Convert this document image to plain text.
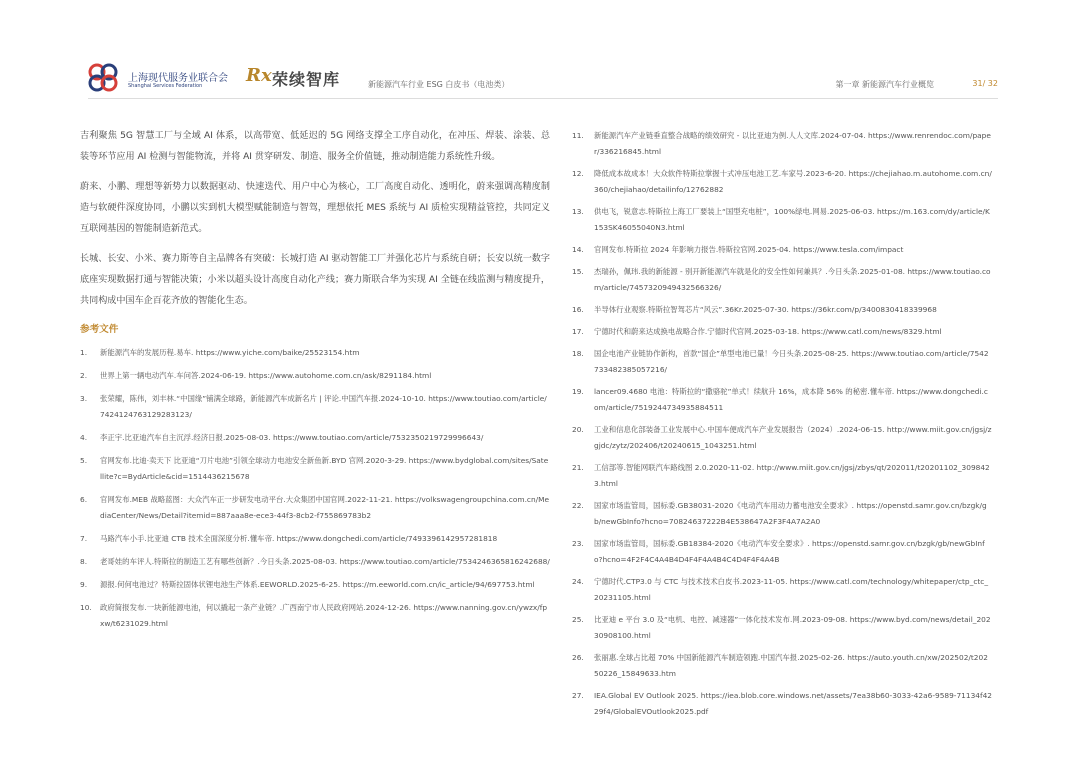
上海现代服务业联合会
Shanghai Services Federation Rx 荣续智库	新能源汽车行业 ESG 白皮书（电池类）	第一章 新能源汽车行业概览	31/ 32

吉利聚焦 5G 智慧工厂与全域 AI 体系，以高带宽、低延迟的 5G 网络支撑全工序自动化，在冲压、焊装、涂装、总装等环节应用 AI 检测与智能物流，并将 AI 贯穿研发、制造、服务全价值链，推动制造能力系统性升级。

蔚来、小鹏、理想等新势力以数据驱动、快速迭代、用户中心为核心，工厂高度自动化、透明化，蔚来强调高精度制造与软硬件深度协同，小鹏以实到机大模型赋能制造与智驾，理想依托 MES 系统与 AI 质检实现精益管控，共同定义互联网基因的智能制造新范式。

长城、长安、小米、赛力斯等自主品牌各有突破：长城打造 AI 驱动智能工厂并强化芯片与系统自研；长安以统一数字底座实现数据打通与智能决策；小米以超头设计高度自动化产线；赛力斯联合华为实现 AI 全链在线监测与精度提升，共同构成中国车企百花齐放的智能化生态。

参考文件
1. 新能源汽车的发展历程.易车. https://www.yiche.com/baike/25523154.htm
2. 世界上第一辆电动汽车.车问答.2024-06-19. https://www.autohome.com.cn/ask/8291184.html
3. 张荣耀，陈伟，刘丰林.“中国缘”铺满全球路，新能源汽车成新名片 | 评论.中国汽车报.2024-10-10. https://www.toutiao.com/article/7424124763129283123/
4. 李正宇.比亚迪汽车自主沉浮.经济日报.2025-08-03. https://www.toutiao.com/article/7532350219729996643/
5. 官网发布.比迪·卖天下 比亚迪“刀片电池”引领全球动力电池安全新鱼新.BYD 官网.2020-3-29. https://www.bydglobal.com/sites/Satellite?c=BydArticle&cid=1514436215678
6. 官网发布.MEB 战略蓝图：大众汽车正一步研发电动平台.大众集团中国官网.2022-11-21. https://volkswagengroupchina.com.cn/MediaCenter/News/Detail?itemid=887aaa8e-ece3-44f3-8cb2-f755869783b2
7. 马路汽车小手.比亚迪 CTB 技术全面深度分析.懂车帝. https://www.dongchedi.com/article/7493396142957281818
8. 老哥娃的车评人.特斯拉的制造工艺有哪些创新？.今日头条.2025-08-03. https://www.toutiao.com/article/7534246365816242688/
9. 源报.何何电池过？特斯拉固体状锂电池生产体系.EEWORLD.2025-6-25. https://m.eeworld.com.cn/ic_article/94/697753.html
10. 政府简报发布.一块新能源电池，何以撬起一条产业链？.广西南宁市人民政府网站.2024-12-26. https://www.nanning.gov.cn/ywzx/fpxw/t6231029.html
11. 新能源汽车产业链垂直整合战略的绩效研究 - 以比亚迪为例.人人文库.2024-07-04. https://www.renrendoc.com/paper/336216845.html
12. 降低成本故成本！大众软件特斯拉掌握十式冲压电池工艺.车家号.2023-6-20. https://chejiahao.m.autohome.com.cn/360/chejiahao/detailinfo/12762882
13. 供电飞，锐意志.特斯拉上海工厂要装上“国型充电桩”，100%绿电.网易.2025-06-03. https://m.163.com/dy/article/K153SK46055040N3.html
14. 官网发布.特斯拉 2024 年影响力报告.特斯拉官网.2025-04. https://www.tesla.com/impact
15. 杰瑞孙，佩玮.我的新能源 - 别开新能源汽车就是化的安全性如何兼具？.今日头条.2025-01-08. https://www.toutiao.com/article/7457320949432566326/
16. 半导体行业观察.特斯拉智驾芯片“风云”.36Kr.2025-07-30. https://36kr.com/p/3400830418339968
17. 宁德时代和蔚来达成换电战略合作.宁德时代官网.2025-03-18. https://www.catl.com/news/8329.html
18. 国企电池产业链协作新构，首款“国企”单型电池已量！今日头条.2025-08-25. https://www.toutiao.com/article/7542733482385057216/
19. lancer09.4680 电池：特斯拉的“撒骆驼”单式！续航升 16%，成本降 56% 的秘密.懂车帝. https://www.dongchedi.com/article/7519244734935884511
20. 工业和信息化部装备工业发展中心.中国车便成汽车产业发展报告（2024）.2024-06-15. http://www.miit.gov.cn/jgsj/zgjdc/zytz/202406/t20240615_1043251.html
21. 工信部等.智能网联汽车路线图 2.0.2020-11-02. http://www.miit.gov.cn/jgsj/zbys/qt/202011/t20201102_3098423.html
22. 国家市场监管局，国标委.GB38031-2020《电动汽车用动力蓄电池安全要求》. https://openstd.samr.gov.cn/bzgk/gb/newGbInfo?hcno=70824637222B4E538647A2F3F4A7A2A0
23. 国家市场监管局，国标委.GB18384-2020《电动汽车安全要求》. https://openstd.samr.gov.cn/bzgk/gb/newGbInfo?hcno=4F2F4C4A4B4D4F4F4A4B4C4D4F4F4A4B
24. 宁德时代.CTP3.0 与 CTC 与技术技术白皮书.2023-11-05. https://www.catl.com/technology/whitepaper/ctp_ctc_20231105.html
25. 比亚迪 e 平台 3.0 及“电机、电控、减速器”一体化技术发布.网.2023-09-08. https://www.byd.com/news/detail_20230908100.html
26. 张丽惠.全球占比超 70% 中国新能源汽车制造领跑.中国汽车报.2025-02-26. https://auto.youth.cn/xw/202502/t20250226_15849633.htm
27. IEA.Global EV Outlook 2025. https://iea.blob.core.windows.net/assets/7ea38b60-3033-42a6-9589-71134f4229f4/GlobalEVOutlook2025.pdf
